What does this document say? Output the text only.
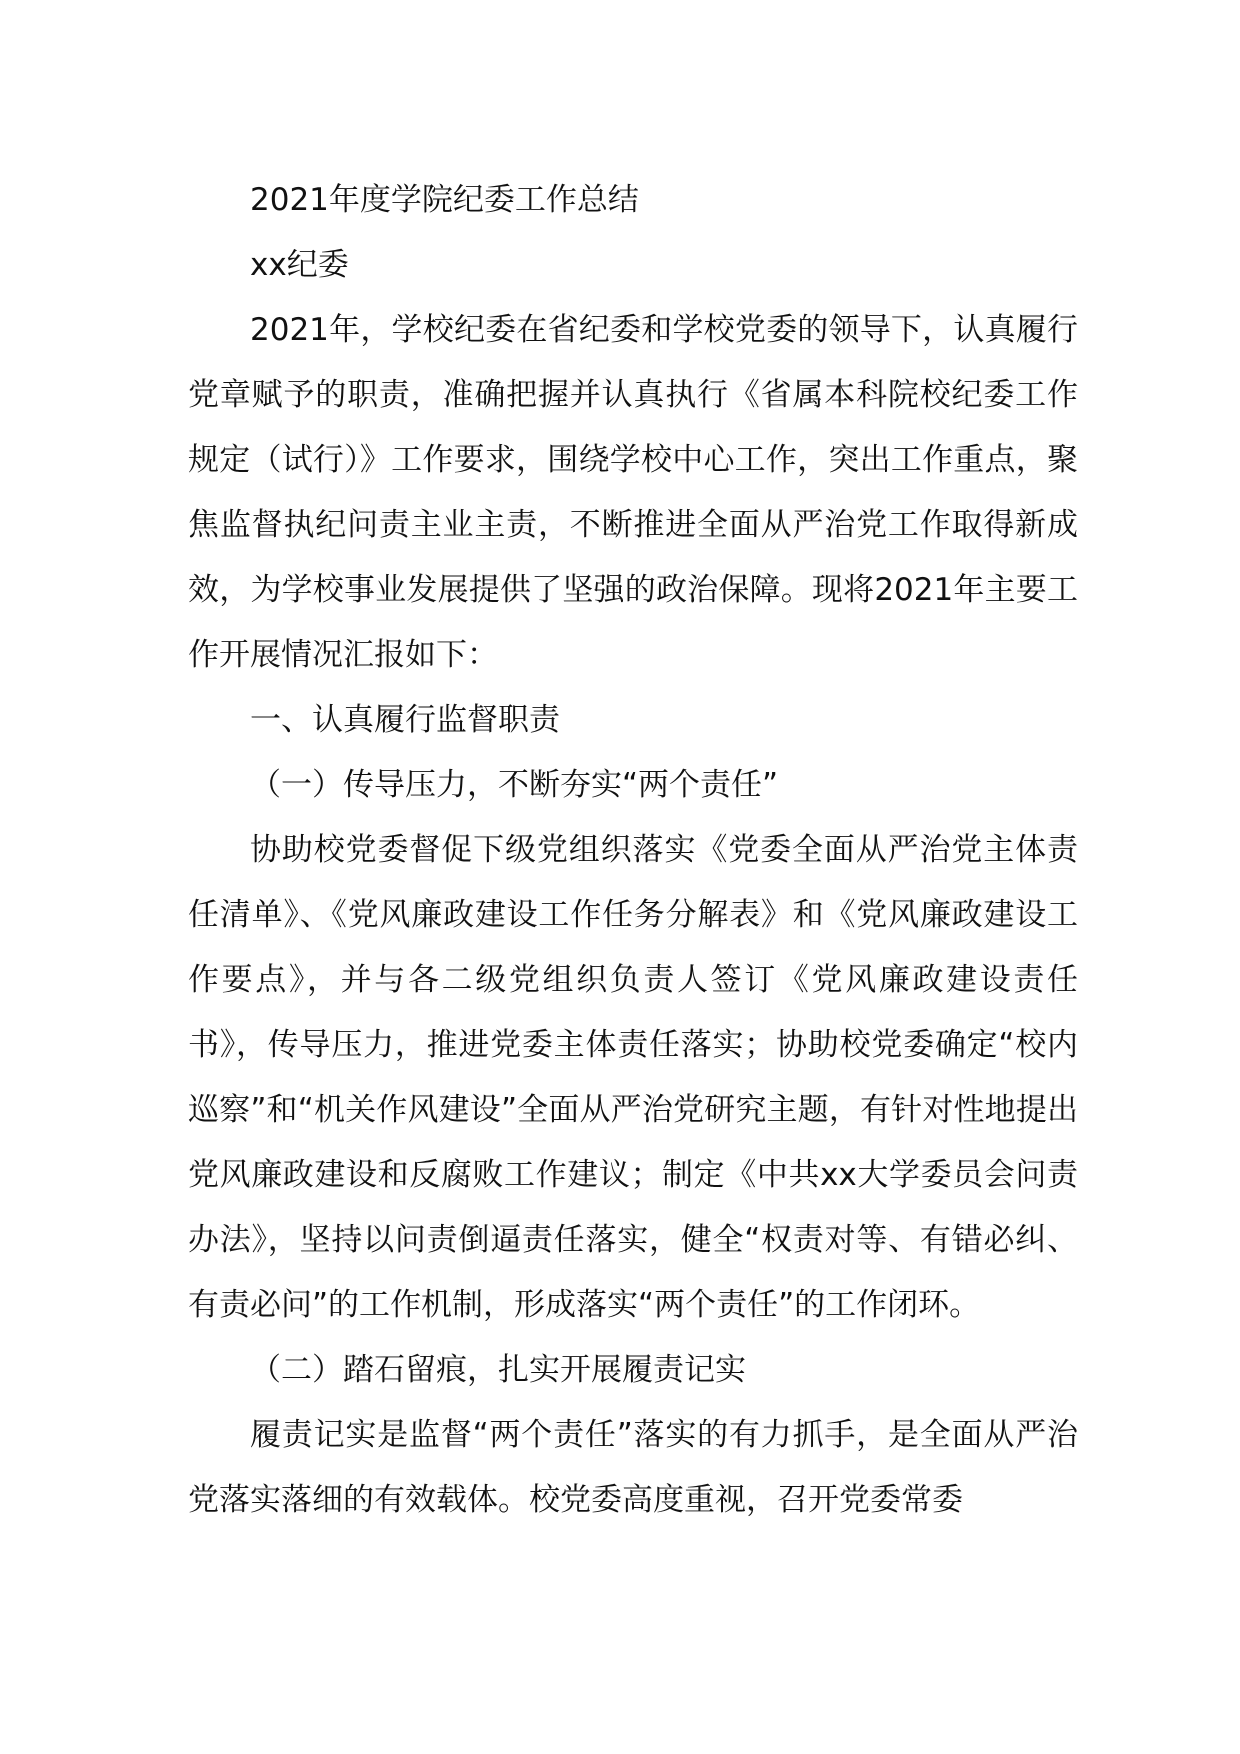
2021年度学院纪委工作总结

xx纪委

2021年，学校纪委在省纪委和学校党委的领导下，认真履行党章赋予的职责，准确把握并认真执行《省属本科院校纪委工作规定（试行）》工作要求，围绕学校中心工作，突出工作重点，聚焦监督执纪问责主业主责，不断推进全面从严治党工作取得新成效，为学校事业发展提供了坚强的政治保障。现将2021年主要工作开展情况汇报如下：

一、认真履行监督职责

（一）传导压力，不断夯实“两个责任”

协助校党委督促下级党组织落实《党委全面从严治党主体责任清单》、《党风廉政建设工作任务分解表》和《党风廉政建设工作要点》，并与各二级党组织负责人签订《党风廉政建设责任书》，传导压力，推进党委主体责任落实；协助校党委确定“校内巡察”和“机关作风建设”全面从严治党研究主题，有针对性地提出党风廉政建设和反腐败工作建议；制定《中共xx大学委员会问责办法》，坚持以问责倒逼责任落实，健全“权责对等、有错必纠、有责必问”的工作机制，形成落实“两个责任”的工作闭环。

（二）踏石留痕，扎实开展履责记实

履责记实是监督“两个责任”落实的有力抓手，是全面从严治党落实落细的有效载体。校党委高度重视，召开党委常委
